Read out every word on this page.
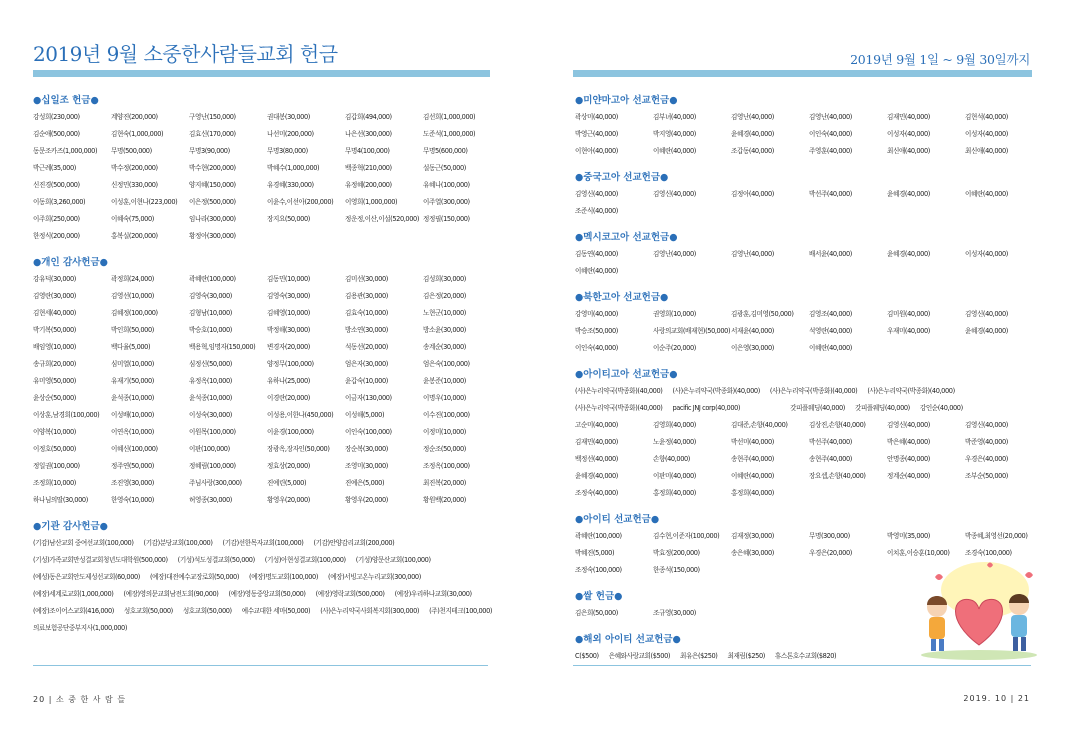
2019년 9월 소중한사람들교회 헌금
●십일조 헌금●
강성희(230,000)	계양진(200,000)	구영난(150,000)	권대봉(30,000)	김갑희(494,000)	김선희(1,000,000)
김순애(500,000)	김현숙(1,000,000)	김효신(170,000)	나선미(200,000)	나은선(300,000)	도준석(1,000,000)
동문조카즈(1,000,000)	무명(500,000)	무명3(90,000)	무명3(80,000)	무명4(100,000)	무명5(600,000)
박근례(35,000)	박수정(200,000)	박수현(200,000)	박혜수(1,000,000)	백종혁(210,000)	설동근(50,000)
신진경(500,000)	신정민(330,000)	양지혜(150,000)	유경혜(330,000)	유정혜(200,000)	유혜나(100,000)
이동희(3,260,000)	이성훈,이현나(223,000)	이은정(500,000)	이윤수,이선아(200,000)	이영희(1,000,000)	이주열(300,000)
이주희(250,000)	이혜숙(75,000)	임나라(300,000)	장지요(50,000)	정운정,이산,이설(520,000) 정정필(150,000)
한정식(200,000)	홍복실(200,000)	황정아(300,000)
●개인 감사헌금●
강유덕(30,000)	곽정희(24,000)	곽혜란(100,000)	김동민(10,000)	김미선(30,000)	김성희(30,000)
김영란(30,000)	김영선(10,000)	김영숙(30,000)	김영숙(30,000)	김용관(30,000)	김은정(20,000)
김현세(40,000)	김혜정(100,000)	김형남(10,000)	김혜영(10,000)	김효숙(10,000)	노현군(10,000)
박기복(50,000)	박인희(50,000)	박승호(10,000)	박정해(30,000)	방소연(30,000)	방소윤(30,000)
배임영(10,000)	백다율(5,000)	백용혁,임명자(150,000)	변경자(20,000)	석동선(20,000)	송계순(30,000)
송규희(20,000)	심미열(10,000)	심정신(50,000)	양정무(100,000)	엄은자(30,000)	엄은숙(100,000)
유미영(50,000)	유재기(50,000)	유정옥(10,000)	유하나(25,000)	윤갑숙(10,000)	윤봉준(10,000)
윤상순(50,000)	윤석종(10,000)	윤석종(10,000)	이경란(20,000)	이금자(130,000)	이명우(10,000)
이상훈,남경희(100,000)	이성배(10,000)	이성숙(30,000)	이성용,이한나(450,000)	이성해(5,000)	이수진(100,000)
이양복(10,000)	이연옥(10,000)	이원목(100,000)	이윤경(100,000)	이인숙(100,000)	이정미(10,000)
이정호(50,000)	이혜신(100,000)	이판(100,000)	장광옥,장자인(50,000)	장순복(30,000)	정순조(50,000)
정일권(100,000)	정주연(50,000)	정혜림(100,000)	정효상(20,000)	조영미(30,000)	조정옥(100,000)
조정희(10,000)	조진영(30,000)	주님사랑(300,000)	진예린(5,000)	진예은(5,000)	최진복(20,000)
하나님의딸(30,000)	한영숙(10,000)	허영종(30,000)	황영우(20,000)	황영우(20,000)	황원백(20,000)
●기관 감사헌금●
(기감)남산교회 중여선교회(100,000) (기감)분당교회(100,000) (기감)선한목자교회(100,000) (기감)안양감리교회(200,000)
(기성)가족교회만성결교회청년도대학원(500,000) (기성)석도성결교회(50,000) (기성)아현성결교회(100,000) (기성)양문산교회(100,000)
(예성)동은교회안도제성선교회(60,000) (예장)대전예수교장로회(50,000) (예장)명도교회(100,000) (예장)서빙고온누리교회(300,000)
(예장)세계로교회(1,000,000) (예장)영의문교회남전도회(90,000) (예장)영동중앙교회(50,000) (예장)영락교회(500,000) (예장)우리하나교회(30,000)
(예장)조이어스교회(416,000) 성호교회(50,000) 성호교회(50,000) 예수교대한 세마(50,000) (사)은누리약국사회복지회(300,000) (주)천지테크(100,000)
의료보험공단중부지사(1,000,000)
20 | 소 중 한 사 람 들
2019년 9월 1일 ~ 9월 30일까지
●미얀마고아 선교헌금●
곽상미(40,000)	김부녀(40,000)	김영난(40,000)	김영난(40,000)	김재민(40,000)	김현석(40,000)
박영근(40,000)	박지영(40,000)	윤혜경(40,000)	이인숙(40,000)	이성자(40,000)	이성자(40,000)
이현아(40,000)	이혜란(40,000)	조갑동(40,000)	주영훈(40,000)	최신애(40,000)	최신애(40,000)
●중국고아 선교헌금●
김영신(40,000)	김영신(40,000)	김정아(40,000)	박선주(40,000)	윤혜경(40,000)	이혜란(40,000)
조준식(40,000)
●멕시코고아 선교헌금●
김동연(40,000)	김영난(40,000)	김영난(40,000)	배서윤(40,000)	윤혜경(40,000)	이성자(40,000)
이혜란(40,000)
●북한고아 선교헌금●
강영미(40,000)	권영희(10,000)	김광훈,김미영(50,000)	김영조(40,000)	김미원(40,000)	김영신(40,000)
박승조(50,000)	사랑의교회(배재현)(50,000) 서재윤(40,000)	석영란(40,000)	우재미(40,000)	윤혜경(40,000)
이인숙(40,000)	이순주(20,000)	이은영(30,000)	이혜란(40,000)
●아이티고아 선교헌금●
(사)은누리약국(박종화)(40,000) (사)은누리약국(박종화)(40,000) (사)은누리약국(박종화)(40,000) (사)은누리약국(박종화)(40,000)
(사)은누리약국(박종화)(40,000) pacific JNJ corp(40,000)	갓피플웨딩(40,000) 갓피플웨딩(40,000) 강인순(40,000)
고순미(40,000)	김영희(40,000)	김대준,손향(40,000)	김상진,손향(40,000)	김영신(40,000)	김영신(40,000)
김재민(40,000)	노윤정(40,000)	박선미(40,000)	박선주(40,000)	박은혜(40,000)	박준영(40,000)
백정선(40,000)	손향(40,000)	송현주(40,000)	송현주(40,000)	안명종(40,000)	우경은(40,000)
윤혜경(40,000)	이판미(40,000)	이혜란(40,000)	장요셉,손향(40,000)	정계순(40,000)	조부순(50,000)
조정숙(40,000)	홍정희(40,000)	홍정희(40,000)
●아이티 선교헌금●
곽혜란(100,000)	김수현,이준자(100,000)	김재정(30,000)	무명(300,000)	박영미(35,000)	박종혜,최영선(20,000)
박혜진(5,000)	박효정(200,000)	송은혜(30,000)	우경은(20,000)	이치훈,이승훈(10,000)	조경숙(100,000)
조정숙(100,000)	한종석(150,000)
●쌀 헌금●
김은희(50,000)	조규영(30,000)
●해외 아이티 선교헌금●
C($500) 은혜와사랑교회($500) 최유은($250) 최재림($250) 휴스톤호수교회($820)
2019. 10 | 21
